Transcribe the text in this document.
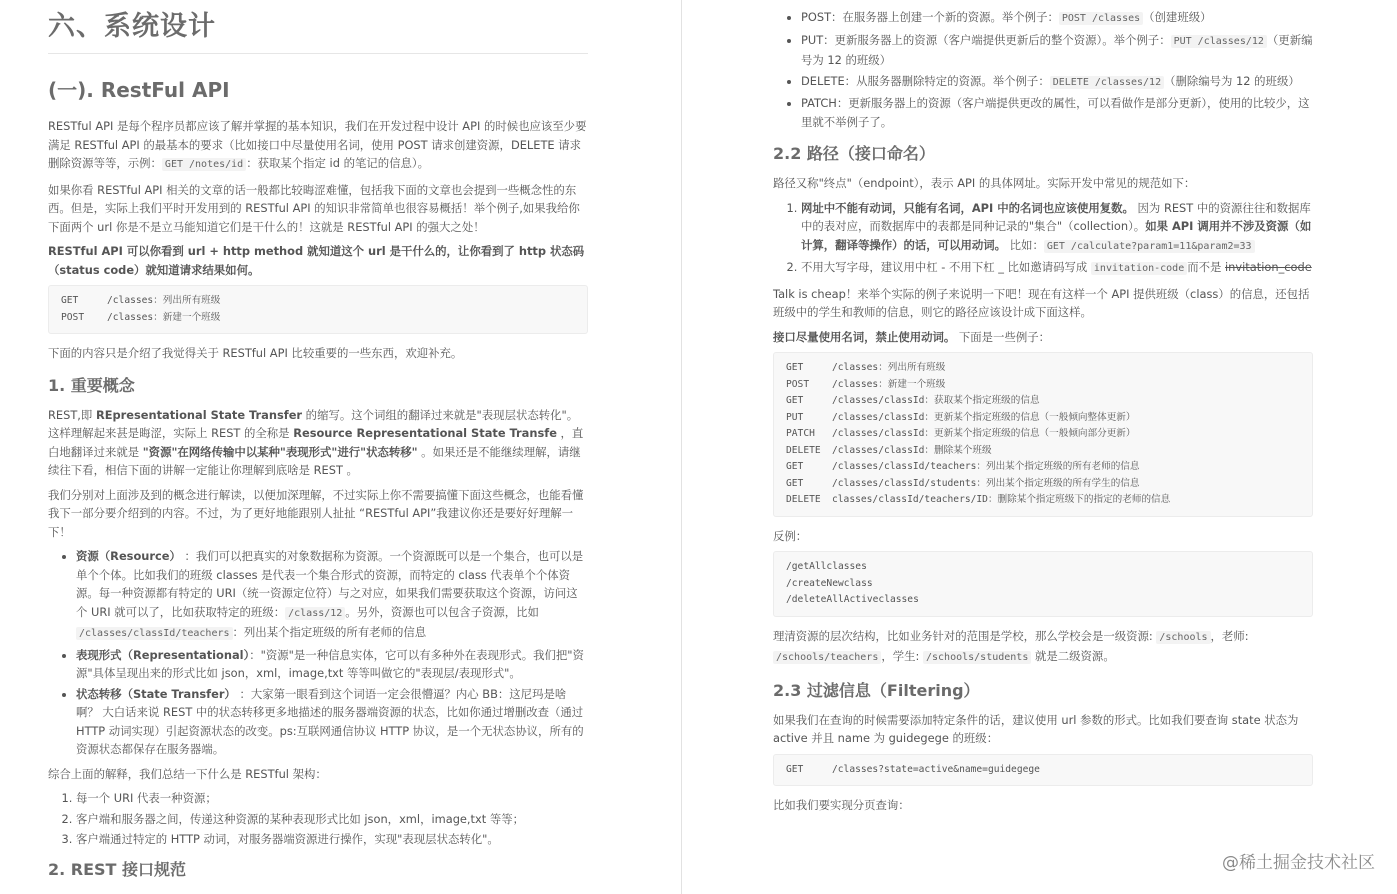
六、系统设计
(一). RestFul API

RESTful API 是每个程序员都应该了解并掌握的基本知识，我们在开发过程中设计 API 的时候也应该至少要满足 RESTful API 的最基本的要求（比如接口中尽量使用名词，使用 POST 请求创建资源，DELETE 请求删除资源等等，示例： GET /notes/id ：获取某个指定 id 的笔记的信息）。

如果你看 RESTful API 相关的文章的话一般都比较晦涩难懂，包括我下面的文章也会提到一些概念性的东西。但是，实际上我们平时开发用到的 RESTful API 的知识非常简单也很容易概括！举个例子,如果我给你下面两个 url 你是不是立马能知道它们是干什么的！这就是 RESTful API 的强大之处！

RESTful API 可以你看到 url + http method 就知道这个 url 是干什么的，让你看到了 http 状态码（status code）就知道请求结果如何。

GET	/classes：列出所有班级
POST /classes：新建一个班级

下面的内容只是介绍了我觉得关于 RESTful API 比较重要的一些东西，欢迎补充。

1. 重要概念

REST,即 REpresentational State Transfer 的缩写。这个词组的翻译过来就是"表现层状态转化"。这样理解起来甚是晦涩，实际上 REST 的全称是 Resource Representational State Transfe ，直白地翻译过来就是 "资源"在网络传输中以某种"表现形式"进行"状态转移" 。如果还是不能继续理解，请继续往下看，相信下面的讲解一定能让你理解到底啥是 REST 。

我们分别对上面涉及到的概念进行解读，以便加深理解，不过实际上你不需要搞懂下面这些概念，也能看懂我下一部分要介绍到的内容。不过，为了更好地能跟别人扯扯 “RESTful API”我建议你还是要好好理解一下！

• 资源（Resource） ：我们可以把真实的对象数据称为资源。一个资源既可以是一个集合，也可以是单个个体。比如我们的班级 classes 是代表一个集合形式的资源，而特定的 class 代表单个个体资源。每一种资源都有特定的 URI（统一资源定位符）与之对应，如果我们需要获取这个资源，访问这个 URI 就可以了，比如获取特定的班级： /class/12 。另外，资源也可以包含子资源，比如 /classes/classId/teachers ：列出某个指定班级的所有老师的信息
• 表现形式（Representational）："资源"是一种信息实体，它可以有多种外在表现形式。我们把"资源"具体呈现出来的形式比如 json，xml，image,txt 等等叫做它的"表现层/表现形式"。
• 状态转移（State Transfer） ：大家第一眼看到这个词语一定会很懵逼？内心 BB：这尼玛是啥啊？ 大白话来说 REST 中的状态转移更多地描述的服务器端资源的状态，比如你通过增删改查（通过 HTTP 动词实现）引起资源状态的改变。ps:互联网通信协议 HTTP 协议，是一个无状态协议，所有的资源状态都保存在服务器端。

综合上面的解释，我们总结一下什么是 RESTful 架构：

1. 每一个 URI 代表一种资源；
2. 客户端和服务器之间，传递这种资源的某种表现形式比如 json，xml，image,txt 等等；
3. 客户端通过特定的 HTTP 动词，对服务器端资源进行操作，实现"表现层状态转化"。
2. REST 接口规范
• POST：在服务器上创建一个新的资源。举个例子： POST /classes （创建班级）
• PUT：更新服务器上的资源（客户端提供更新后的整个资源）。举个例子： PUT /classes/12 （更新编号为 12 的班级）
• DELETE：从服务器删除特定的资源。举个例子： DELETE /classes/12 （删除编号为 12 的班级）
• PATCH：更新服务器上的资源（客户端提供更改的属性，可以看做作是部分更新），使用的比较少，这里就不举例子了。
2.2 路径（接口命名）

路径又称"终点"（endpoint），表示 API 的具体网址。实际开发中常见的规范如下：

1. 网址中不能有动词，只能有名词，API 中的名词也应该使用复数。 因为 REST 中的资源往往和数据库中的表对应，而数据库中的表都是同种记录的"集合"（collection）。如果 API 调用并不涉及资源（如计算，翻译等操作）的话，可以用动词。 比如： GET /calculate?param1=11&param2=33
2. 不用大写字母，建议用中杠 - 不用下杠 _ 比如邀请码写成 invitation-code 而不是 invitation_code

Talk is cheap！来举个实际的例子来说明一下吧！现在有这样一个 API 提供班级（class）的信息，还包括班级中的学生和教师的信息，则它的路径应该设计成下面这样。

接口尽量使用名词，禁止使用动词。 下面是一些例子：

GET	/classes：列出所有班级
POST /classes：新建一个班级
GET	/classes/classId：获取某个指定班级的信息
PUT	/classes/classId：更新某个指定班级的信息（一般倾向整体更新）
PATCH /classes/classId：更新某个指定班级的信息（一般倾向部分更新）
DELETE /classes/classId：删除某个班级
GET	/classes/classId/teachers：列出某个指定班级的所有老师的信息
GET	/classes/classId/students：列出某个指定班级的所有学生的信息
DELETE classes/classId/teachers/ID：删除某个指定班级下的指定的老师的信息

反例：

/getAllclasses
/createNewclass
/deleteAllActiveclasses

理清资源的层次结构，比如业务针对的范围是学校，那么学校会是一级资源: /schools ，老师: /schools/teachers ，学生: /schools/students 就是二级资源。

2.3 过滤信息（Filtering）

如果我们在查询的时候需要添加特定条件的话，建议使用 url 参数的形式。比如我们要查询 state 状态为 active 并且 name 为 guidegege 的班级：

GET	/classes?state=active&name=guidegege

比如我们要实现分页查询：

@稀土掘金技术社区
